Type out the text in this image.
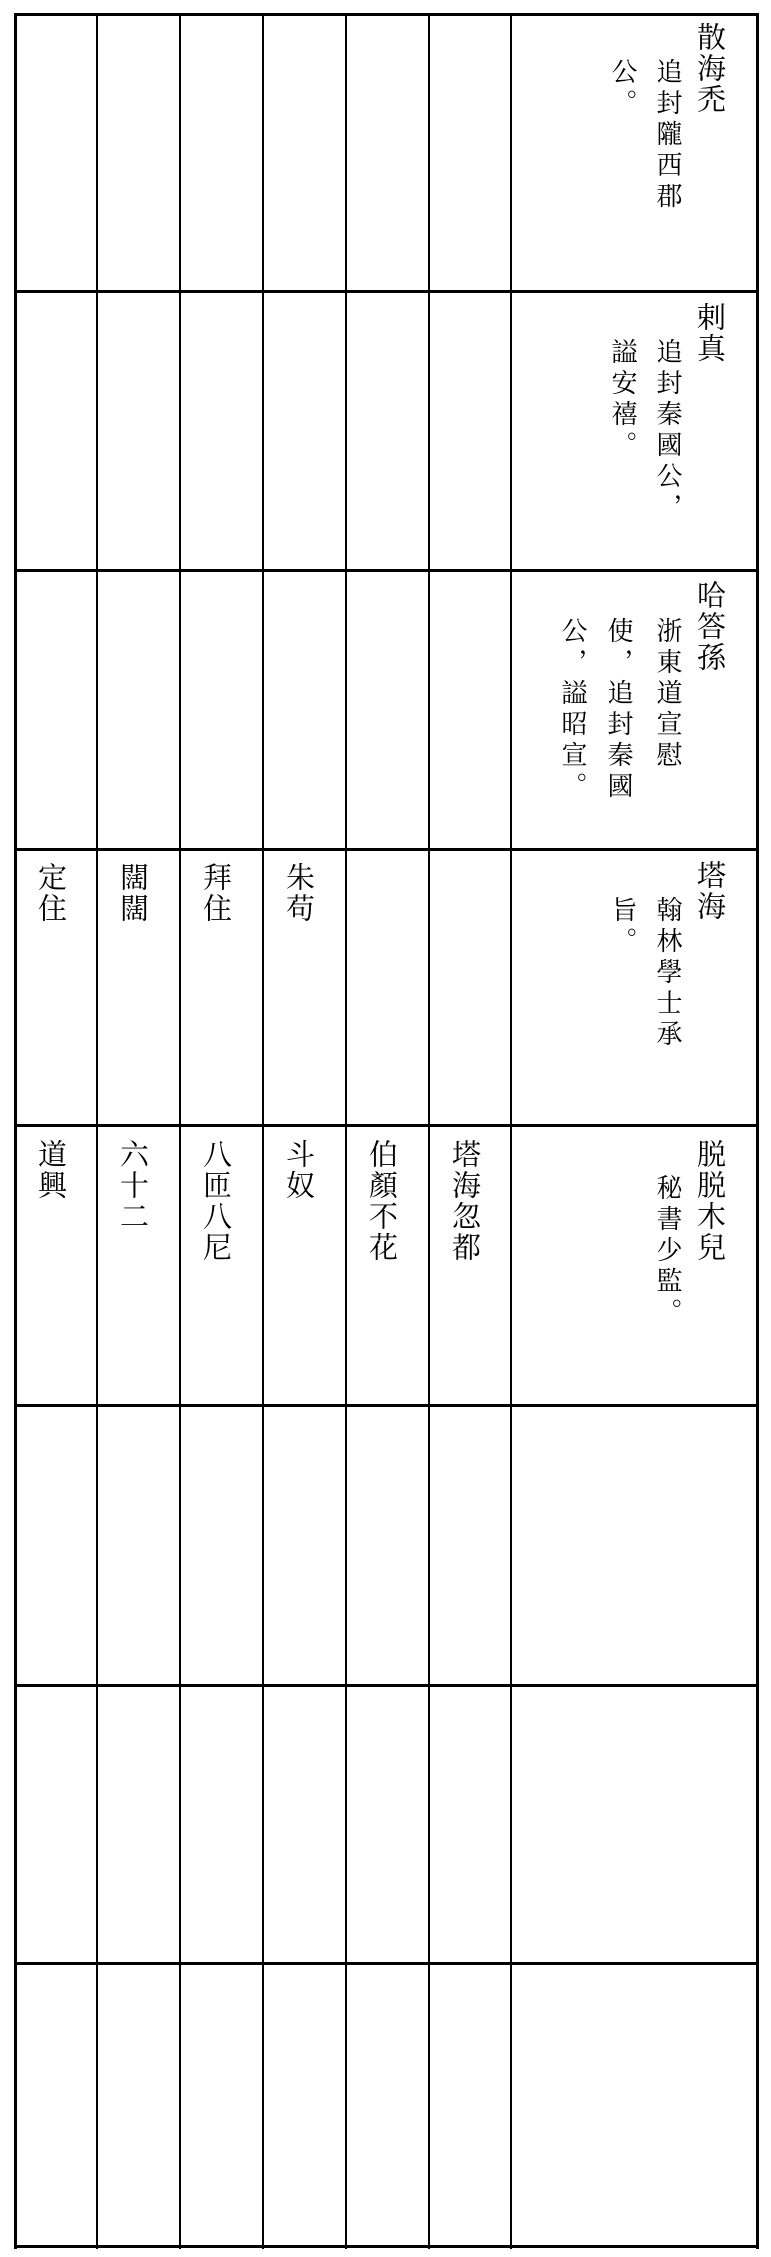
散海禿
追封隴西郡
公。
剌真
追封秦國公，
謚安禧。
哈答孫
浙東道宣慰
使，追封秦國
公，謚昭宣。
塔海
翰林學士承
旨。
朱苟
拜住
闊闊
定住
脱脱木兒
秘書少監。
塔海忽都
伯顏不花
斗奴
八匝八尼
六十二
道興
